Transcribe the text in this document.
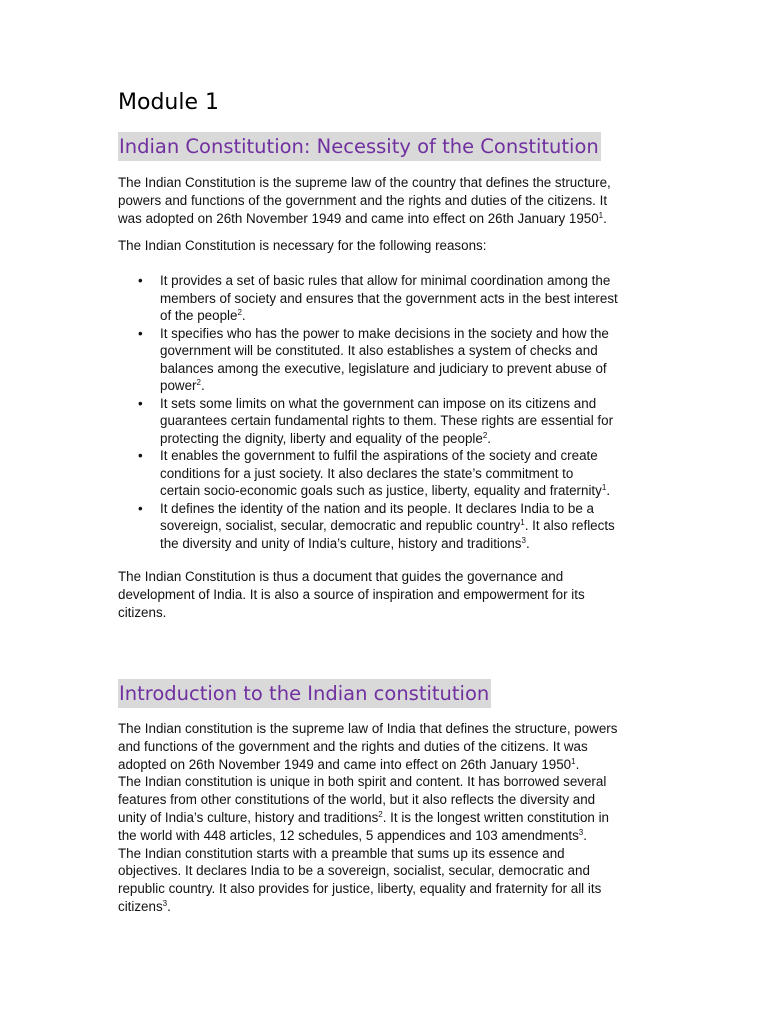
Module 1
Indian Constitution: Necessity of the Constitution

The Indian Constitution is the supreme law of the country that defines the structure,
powers and functions of the government and the rights and duties of the citizens. It
was adopted on 26th November 1949 and came into effect on 26th January 1950$^1$.

The Indian Constitution is necessary for the following reasons:

• It provides a set of basic rules that allow for minimal coordination among the
members of society and ensures that the government acts in the best interest
of the people$^2$.
• It specifies who has the power to make decisions in the society and how the
government will be constituted. It also establishes a system of checks and
balances among the executive, legislature and judiciary to prevent abuse of
power$^2$.
• It sets some limits on what the government can impose on its citizens and
guarantees certain fundamental rights to them. These rights are essential for
protecting the dignity, liberty and equality of the people$^2$.
• It enables the government to fulfil the aspirations of the society and create
conditions for a just society. It also declares the state’s commitment to
certain socio-economic goals such as justice, liberty, equality and fraternity$^1$.
• It defines the identity of the nation and its people. It declares India to be a
sovereign, socialist, secular, democratic and republic country$^1$. It also reflects
the diversity and unity of India’s culture, history and traditions$^3$.

The Indian Constitution is thus a document that guides the governance and
development of India. It is also a source of inspiration and empowerment for its
citizens.

Introduction to the Indian constitution

The Indian constitution is the supreme law of India that defines the structure, powers
and functions of the government and the rights and duties of the citizens. It was
adopted on 26th November 1949 and came into effect on 26th January 1950$^1$.
The Indian constitution is unique in both spirit and content. It has borrowed several
features from other constitutions of the world, but it also reflects the diversity and
unity of India’s culture, history and traditions$^2$. It is the longest written constitution in
the world with 448 articles, 12 schedules, 5 appendices and 103 amendments$^3$.
The Indian constitution starts with a preamble that sums up its essence and
objectives. It declares India to be a sovereign, socialist, secular, democratic and
republic country. It also provides for justice, liberty, equality and fraternity for all its
citizens$^3$.
